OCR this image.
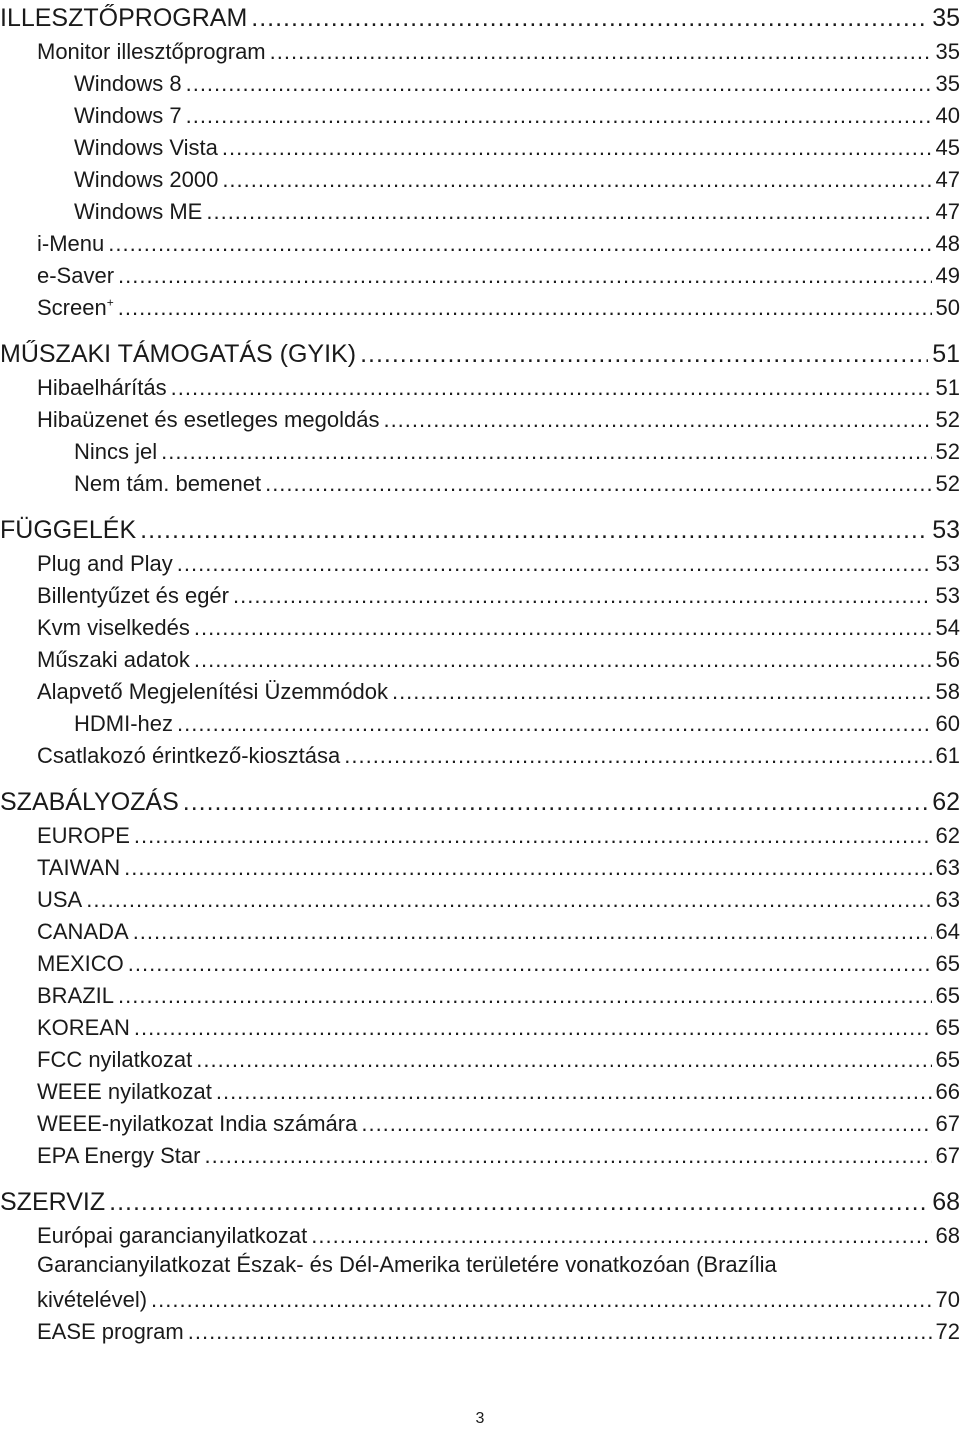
ILLESZTŐPROGRAM .....	35
Monitor illesztőprogram .....	35
Windows 8 .....	35
Windows 7 .....	40
Windows Vista .....	45
Windows 2000 .....	47
Windows ME .....	47
i-Menu .....	48
e-Saver .....	49
Screen+ .....	50
MŰSZAKI TÁMOGATÁS (GYIK) .....	51
Hibaelhárítás .....	51
Hibaüzenet és esetleges megoldás .....	52
Nincs jel .....	52
Nem tám. bemenet .....	52
FÜGGELÉK .....	53
Plug and Play .....	53
Billentyűzet és egér .....	53
Kvm viselkedés .....	54
Műszaki adatok .....	56
Alapvető Megjelenítési Üzemmódok .....	58
HDMI-hez .....	60
Csatlakozó érintkező-kiosztása .....	61
SZABÁLYOZÁS .....	62
EUROPE .....	62
TAIWAN .....	63
USA .....	63
CANADA .....	64
MEXICO .....	65
BRAZIL .....	65
KOREAN .....	65
FCC nyilatkozat .....	65
WEEE nyilatkozat .....	66
WEEE-nyilatkozat India számára .....	67
EPA Energy Star .....	67
SZERVIZ .....	68
Európai garancianyilatkozat .....	68
Garancianyilatkozat Észak- és Dél-Amerika területére vonatkozóan (Brazília
kivételével) .....	70
EASE program .....	72
3
